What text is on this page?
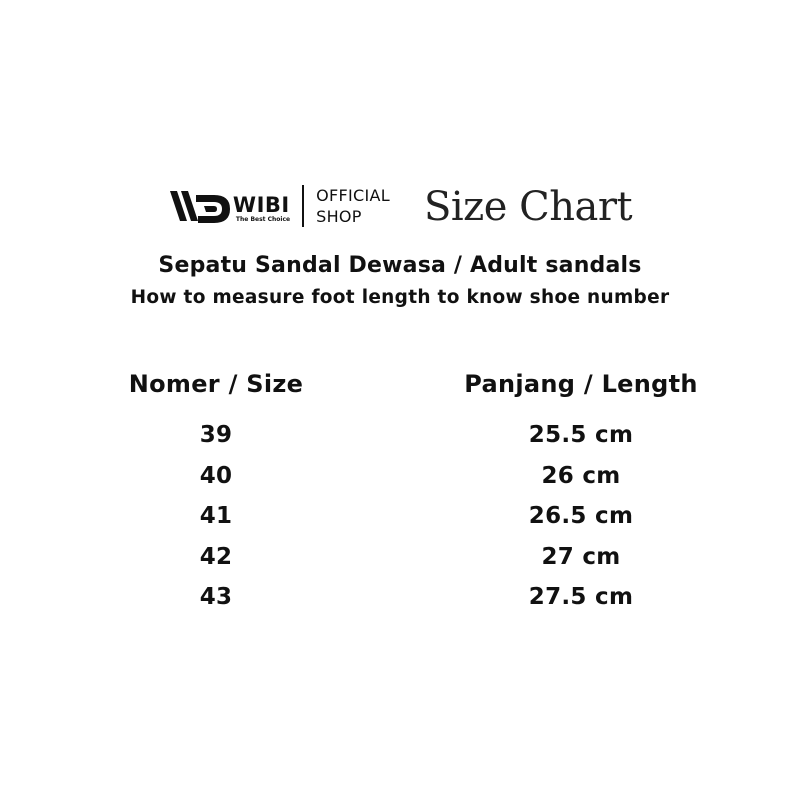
WIBI
The Best Choice
OFFICIAL
SHOP	Size Chart
Sepatu Sandal Dewasa / Adult sandals
How to measure foot length to know shoe number
Nomer / Size	Panjang / Length
39	25.5 cm
40	26 cm
41	26.5 cm
42	27 cm
43	27.5 cm
